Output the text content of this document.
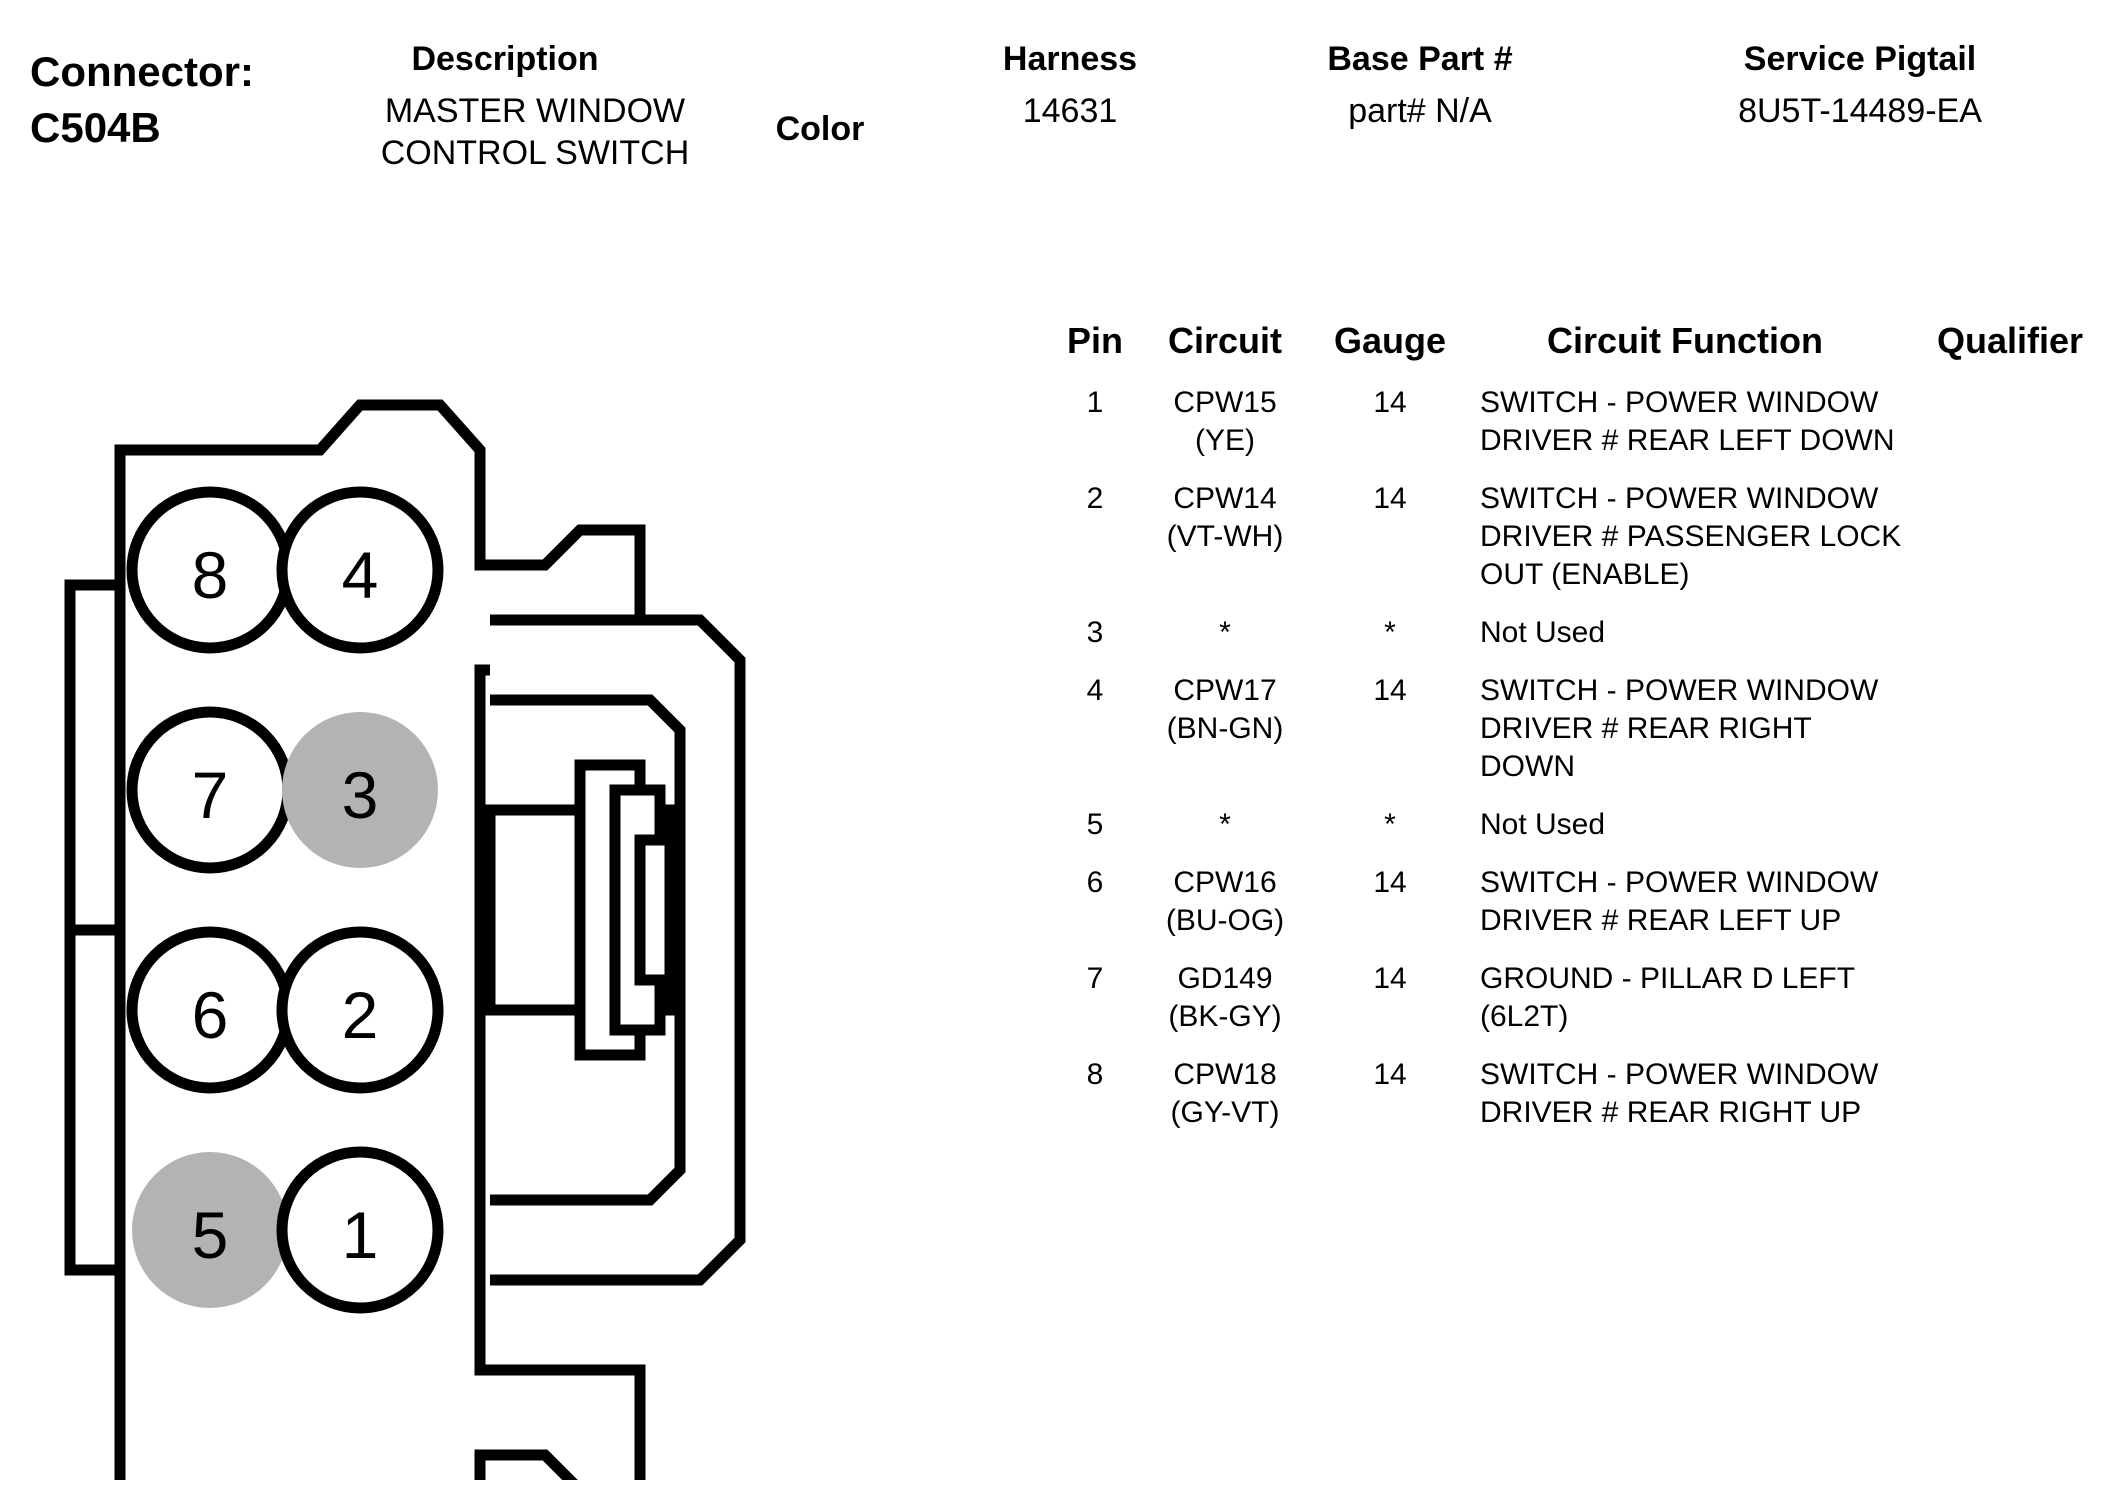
Connector:
C504B
Description
MASTER WINDOW CONTROL SWITCH
Color
Harness
14631
Base Part #
part# N/A
Service Pigtail
8U5T-14489-EA
8 4
7 3
6 2
5 1
Pin	Circuit	Gauge	Circuit Function	Qualifier
1	CPW15
(YE)	14	SWITCH - POWER WINDOW DRIVER # REAR LEFT DOWN	
2	CPW14
(VT-WH)	14	SWITCH - POWER WINDOW DRIVER # PASSENGER LOCK OUT (ENABLE)	
3	*	*	Not Used	
4	CPW17
(BN-GN)	14	SWITCH - POWER WINDOW DRIVER # REAR RIGHT DOWN	
5	*	*	Not Used	
6	CPW16
(BU-OG)	14	SWITCH - POWER WINDOW DRIVER # REAR LEFT UP	
7	GD149
(BK-GY)	14	GROUND - PILLAR D LEFT (6L2T)	
8	CPW18
(GY-VT)	14	SWITCH - POWER WINDOW DRIVER # REAR RIGHT UP	
